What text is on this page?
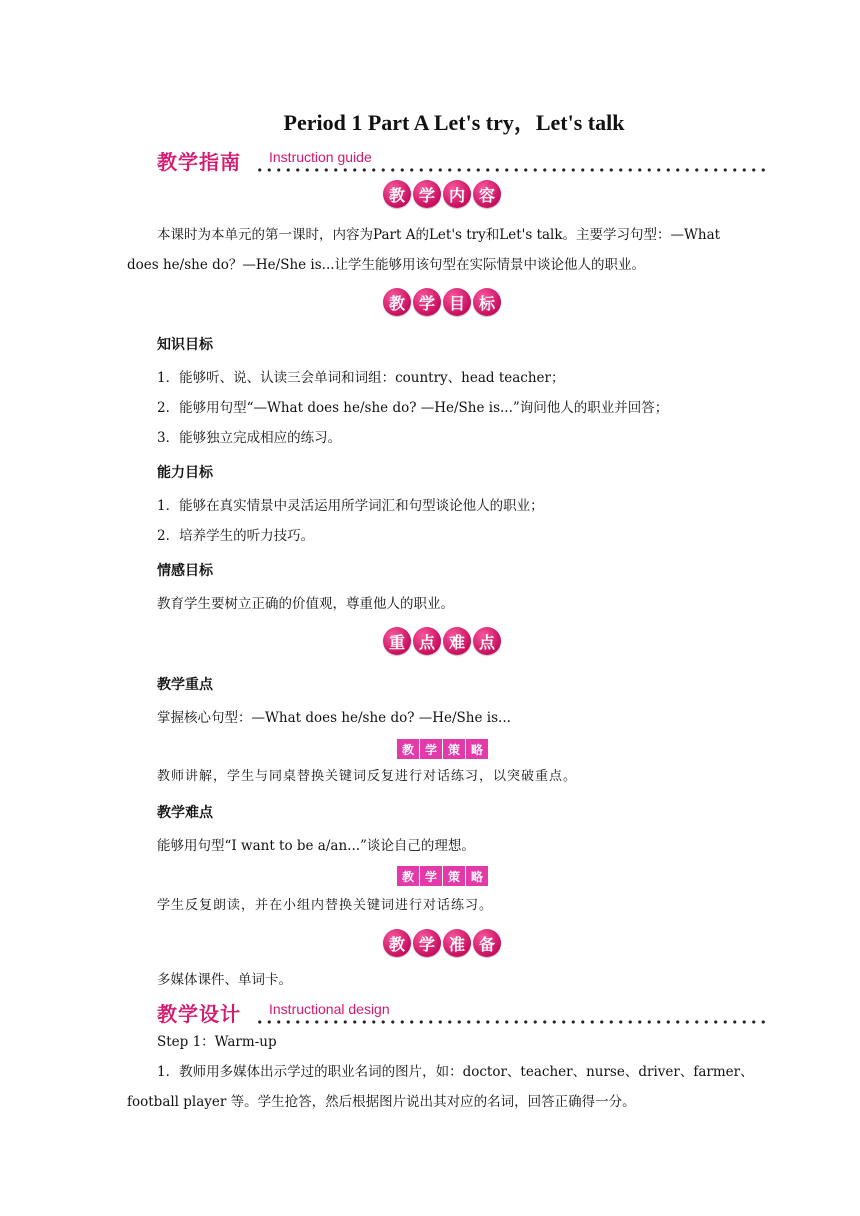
Period 1 Part A Let's try，Let's talk
教学指南 Instruction guide
教 学 内 容
本课时为本单元的第一课时，内容为Part A的Let's try和Let's talk。主要学习句型：—What
does he/she do？—He/She is...让学生能够用该句型在实际情景中谈论他人的职业。
教 学 目 标
知识目标
1．能够听、说、认读三会单词和词组：country、head teacher；
2．能够用句型“—What does he/she do? —He/She is...”询问他人的职业并回答；
3．能够独立完成相应的练习。
能力目标
1．能够在真实情景中灵活运用所学词汇和句型谈论他人的职业；
2．培养学生的听力技巧。
情感目标
教育学生要树立正确的价值观，尊重他人的职业。
重 点 难 点
教学重点
掌握核心句型：—What does he/she do? —He/She is...
教 学 策 略
教师讲解，学生与同桌替换关键词反复进行对话练习，以突破重点。
教学难点
能够用句型“I want to be a/an...”谈论自己的理想。
教 学 策 略
学生反复朗读，并在小组内替换关键词进行对话练习。
教 学 准 备
多媒体课件、单词卡。
教学设计 Instructional design
Step 1：Warm-up
1．教师用多媒体出示学过的职业名词的图片，如：doctor、teacher、nurse、driver、farmer、
football player 等。学生抢答，然后根据图片说出其对应的名词，回答正确得一分。
